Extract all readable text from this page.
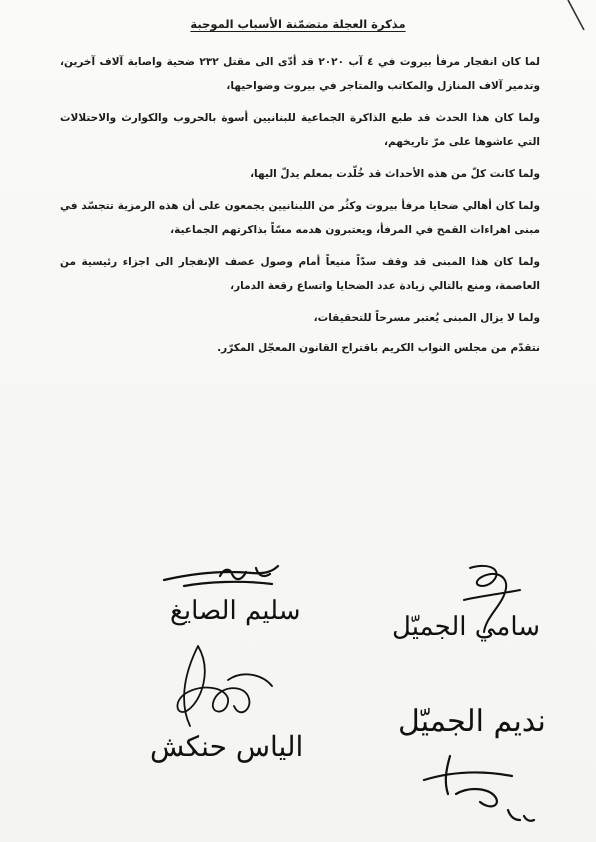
مذكرة العجلة متضمّنة الأسباب الموجبة

لما كان انفجار مرفأ بيروت في ٤ آب ٢٠٢٠ قد أدّى الى مقتل ٢٣٢ ضحية واصابة آلاف آخرين، وتدمير آلاف المنازل والمكاتب والمتاجر في بيروت وضواحيها،

ولما كان هذا الحدث قد طبع الذاكرة الجماعية للبنانيين أسوة بالحروب والكوارث والاحتلالات التي عاشوها على مرّ تاريخهم،

ولما كانت كلّ من هذه الأحداث قد خُلّدت بمعلم يدلّ اليها،

ولما كان أهالي ضحايا مرفأ بيروت وكثُر من اللبنانيين يجمعون على أن هذه الرمزية تتجسّد في مبنى اهراءات القمح في المرفأ، ويعتبرون هدمه مسّاً بذاكرتهم الجماعية،

ولما كان هذا المبنى قد وقف سدّاً منيعاً أمام وصول عصف الإنفجار الى اجزاء رئيسية من العاصمة، ومنع بالتالي زيادة عدد الضحايا واتساع رقعة الدمار،

ولما لا يزال المبنى يُعتبر مسرحاً للتحقيقات،

نتقدّم من مجلس النواب الكريم باقتراح القانون المعجّل المكرّر.

سليم الصايغ
سامي الجميّل
الياس حنكش
نديم الجميّل
